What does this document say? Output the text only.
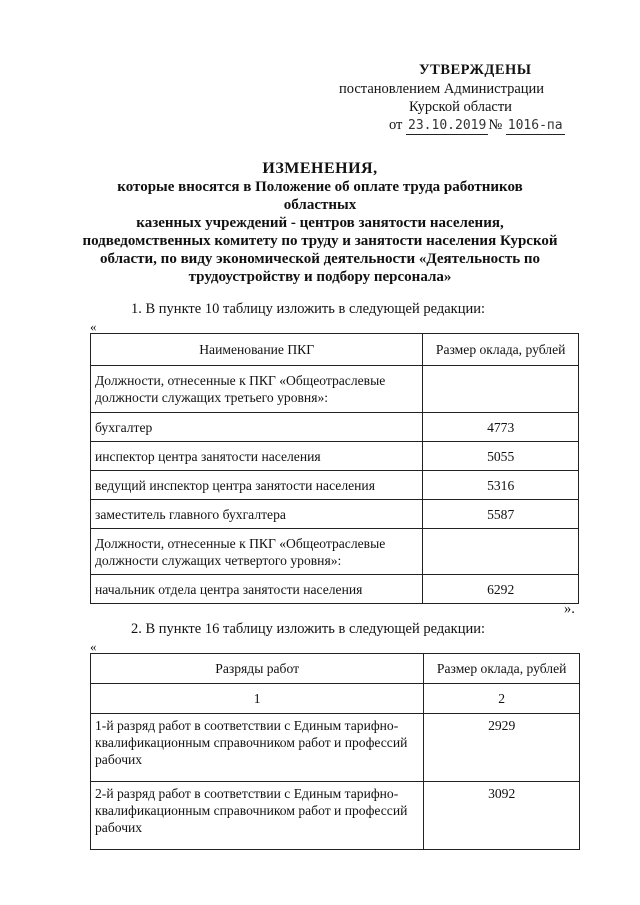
УТВЕРЖДЕНЫ
постановлением Администрации
Курской области
от 23.10.2019 № 1016-па
ИЗМЕНЕНИЯ,
которые вносятся в Положение об оплате труда работников областных
казенных учреждений - центров занятости населения,
подведомственных комитету по труду и занятости населения Курской
области, по виду экономической деятельности «Деятельность по
трудоустройству и подбору персонала»
1. В пункте 10 таблицу изложить в следующей редакции:
«
Наименование ПКГ	Размер оклада, рублей
Должности, отнесенные к ПКГ «Общеотраслевые должности служащих третьего уровня»:	
бухгалтер	4773
инспектор центра занятости населения	5055
ведущий инспектор центра занятости населения	5316
заместитель главного бухгалтера	5587
Должности, отнесенные к ПКГ «Общеотраслевые должности служащих четвертого уровня»:	
начальник отдела центра занятости населения	6292
».
2. В пункте 16 таблицу изложить в следующей редакции:
«
Разряды работ	Размер оклада, рублей
1	2
1-й разряд работ в соответствии с Единым тарифно-квалификационным справочником работ и профессий рабочих	2929
2-й разряд работ в соответствии с Единым тарифно-квалификационным справочником работ и профессий рабочих	3092
